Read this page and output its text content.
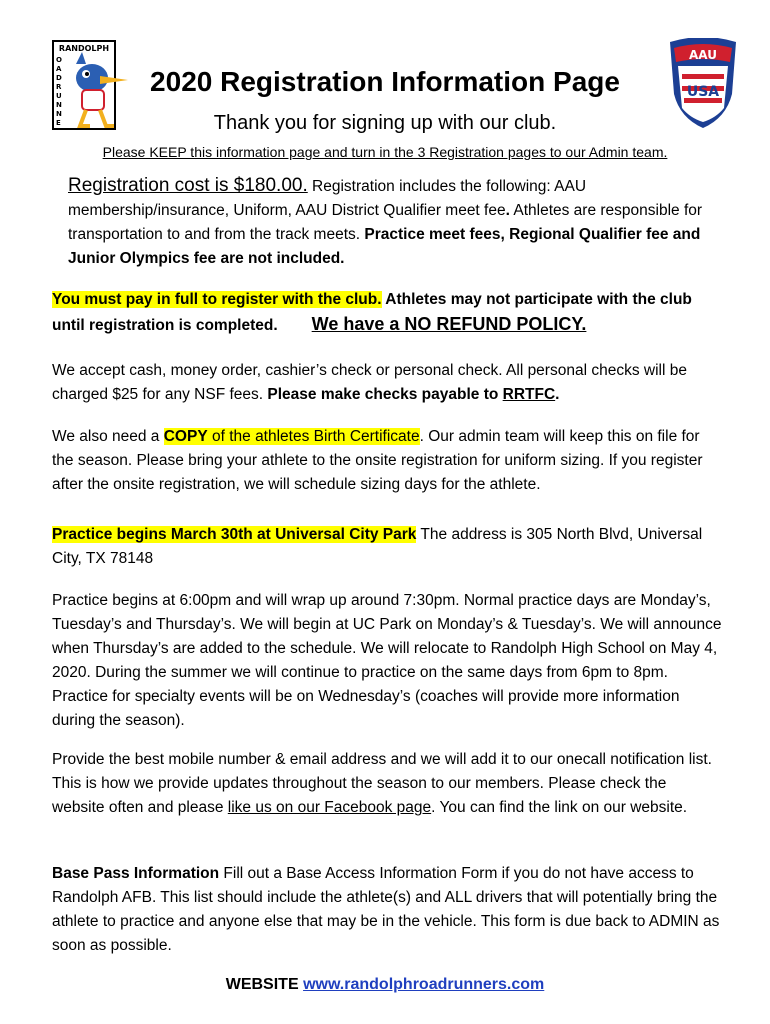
RANDOLPH
O
A
D
R
U
N
N
E
AAU
USA
2020 Registration Information Page
Thank you for signing up with our club.
Please KEEP this information page and turn in the 3 Registration pages to our Admin team.
Registration cost is $180.00. Registration includes the following: AAU membership/insurance, Uniform, AAU District Qualifier meet fee. Athletes are responsible for transportation to and from the track meets. Practice meet fees, Regional Qualifier fee and Junior Olympics fee are not included.
You must pay in full to register with the club. Athletes may not participate with the club until registration is completed. We have a NO REFUND POLICY.
We accept cash, money order, cashier’s check or personal check. All personal checks will be charged $25 for any NSF fees. Please make checks payable to RRTFC.
We also need a COPY of the athletes Birth Certificate. Our admin team will keep this on file for the season. Please bring your athlete to the onsite registration for uniform sizing. If you register after the onsite registration, we will schedule sizing days for the athlete.
Practice begins March 30th at Universal City Park The address is 305 North Blvd, Universal City, TX 78148
Practice begins at 6:00pm and will wrap up around 7:30pm. Normal practice days are Monday’s, Tuesday’s and Thursday’s. We will begin at UC Park on Monday’s & Tuesday’s. We will announce when Thursday’s are added to the schedule. We will relocate to Randolph High School on May 4, 2020. During the summer we will continue to practice on the same days from 6pm to 8pm. Practice for specialty events will be on Wednesday’s (coaches will provide more information during the season).
Provide the best mobile number & email address and we will add it to our onecall notification list. This is how we provide updates throughout the season to our members. Please check the website often and please like us on our Facebook page. You can find the link on our website.
Base Pass Information Fill out a Base Access Information Form if you do not have access to Randolph AFB. This list should include the athlete(s) and ALL drivers that will potentially bring the athlete to practice and anyone else that may be in the vehicle. This form is due back to ADMIN as soon as possible.
WEBSITE www.randolphroadrunners.com
